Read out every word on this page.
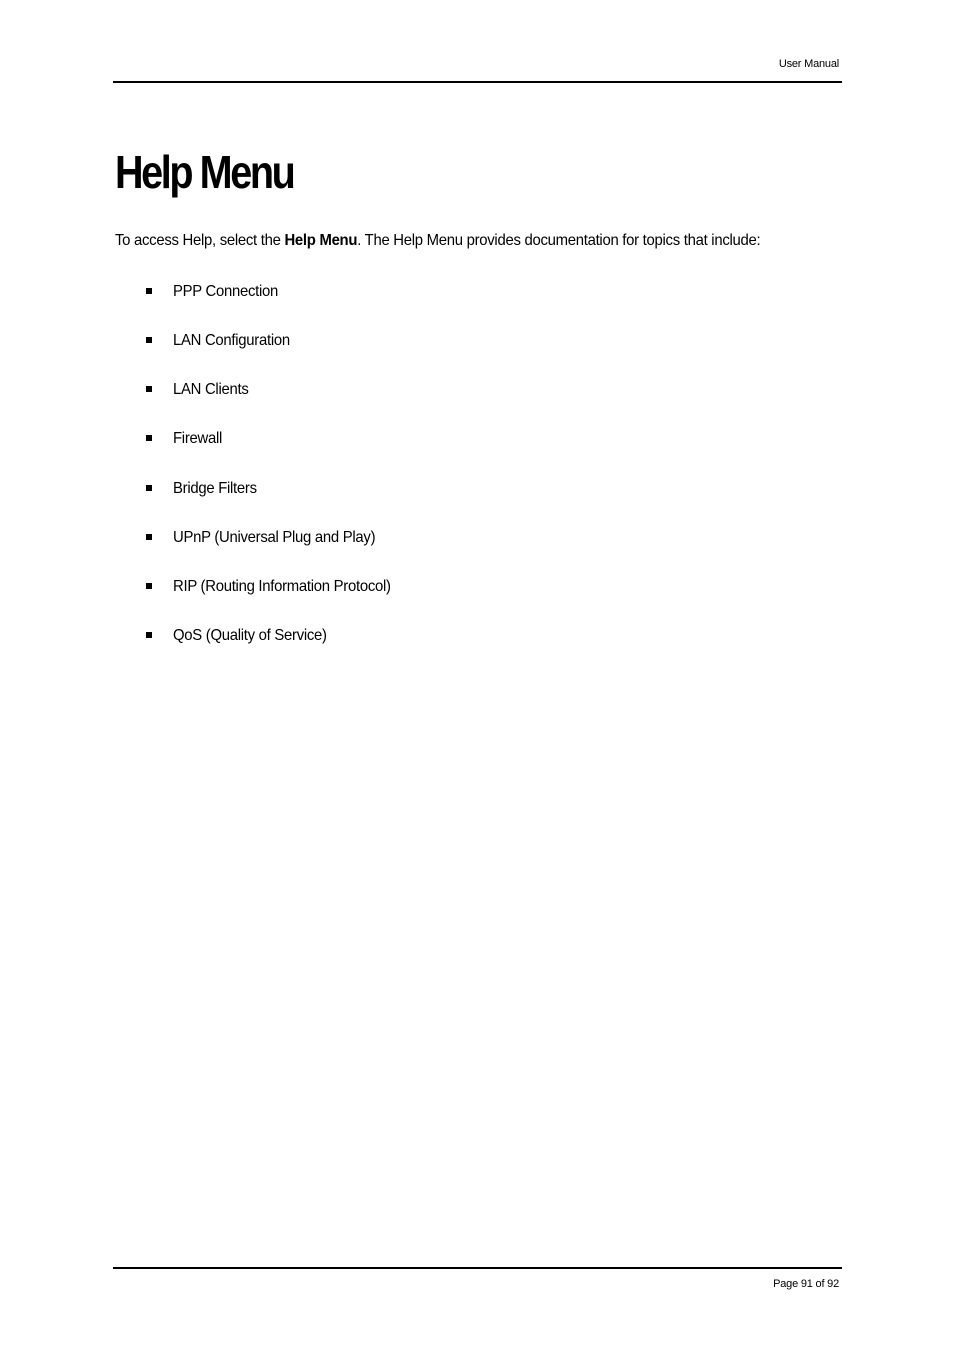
User Manual
Help Menu
To access Help, select the Help Menu. The Help Menu provides documentation for topics that include:
PPP Connection
LAN Configuration
LAN Clients
Firewall
Bridge Filters
UPnP (Universal Plug and Play)
RIP (Routing Information Protocol)
QoS (Quality of Service)
Page 91 of 92
